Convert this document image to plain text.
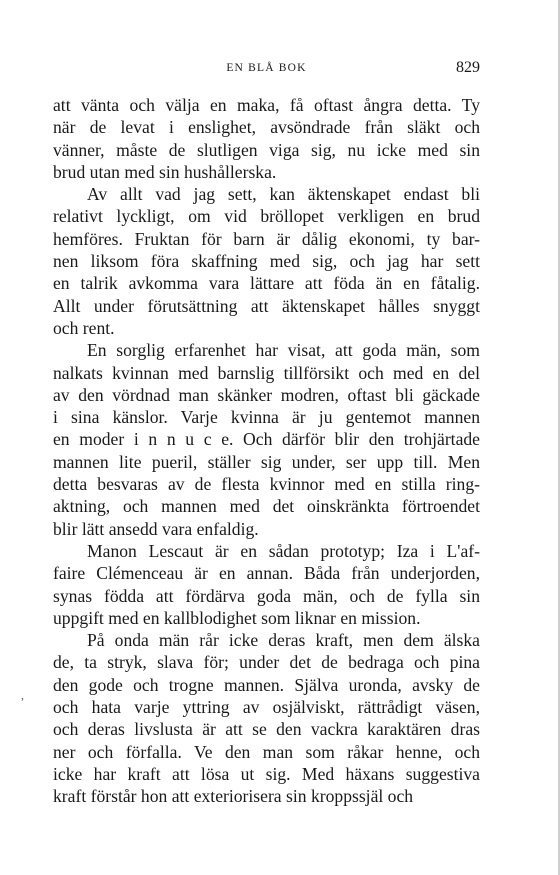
EN BLÅ BOK	829
att vänta och välja en maka, få oftast ångra detta. Ty
när de levat i enslighet, avsöndrade från släkt och
vänner, måste de slutligen viga sig, nu icke med sin
brud utan med sin hushållerska.
Av allt vad jag sett, kan äktenskapet endast bli
relativt lyckligt, om vid bröllopet verkligen en brud
hemföres. Fruktan för barn är dålig ekonomi, ty bar-
nen liksom föra skaffning med sig, och jag har sett
en talrik avkomma vara lättare att föda än en fåtalig.
Allt under förutsättning att äktenskapet hålles snyggt
och rent.
En sorglig erfarenhet har visat, att goda män, som
nalkats kvinnan med barnslig tillförsikt och med en del
av den vördnad man skänker modren, oftast bli gäckade
i sina känslor. Varje kvinna är ju gentemot mannen
en moder i n n u c e. Och därför blir den trohjärtade
mannen lite pueril, ställer sig under, ser upp till. Men
detta besvaras av de flesta kvinnor med en stilla ring-
aktning, och mannen med det oinskränkta förtroendet
blir lätt ansedd vara enfaldig.
Manon Lescaut är en sådan prototyp; Iza i L'af-
faire Clémenceau är en annan. Båda från underjorden,
synas födda att fördärva goda män, och de fylla sin
uppgift med en kallblodighet som liknar en mission.
På onda män rår icke deras kraft, men dem älska
de, ta stryk, slava för; under det de bedraga och pina
den gode och trogne mannen. Själva uronda, avsky de
och hata varje yttring av osjälviskt, rättrådigt väsen,
och deras livslusta är att se den vackra karaktären dras
ner och förfalla. Ve den man som råkar henne, och
icke har kraft att lösa ut sig. Med häxans suggestiva
kraft förstår hon att exteriorisera sin kroppssjäl och
,
